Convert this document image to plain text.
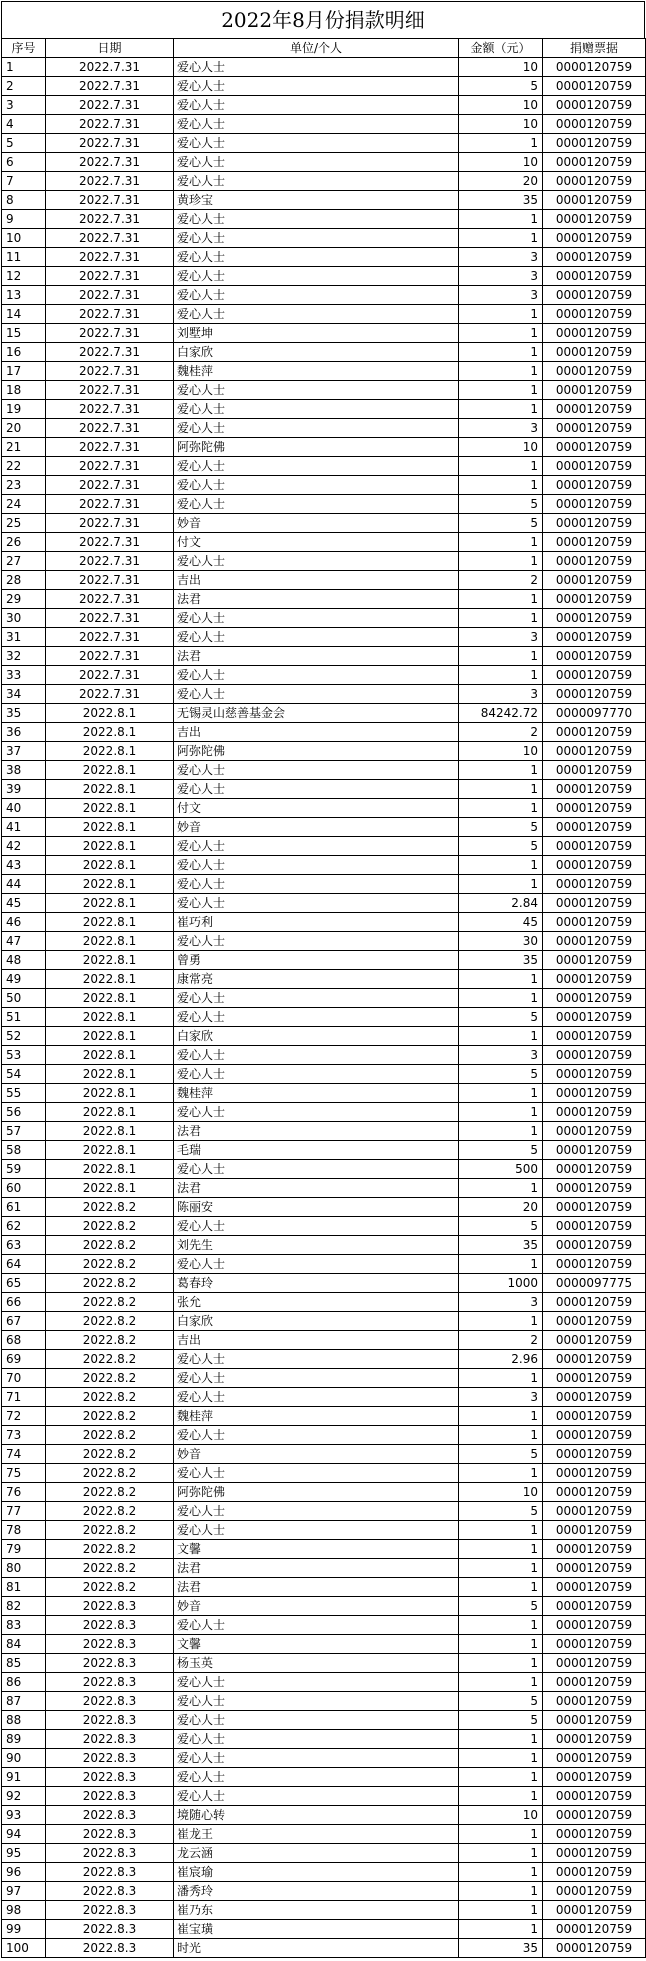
2022年8月份捐款明细
序号	日期	单位/个人	金额（元）	捐赠票据
1	2022.7.31	爱心人士	10	0000120759
2	2022.7.31	爱心人士	5	0000120759
3	2022.7.31	爱心人士	10	0000120759
4	2022.7.31	爱心人士	10	0000120759
5	2022.7.31	爱心人士	1	0000120759
6	2022.7.31	爱心人士	10	0000120759
7	2022.7.31	爱心人士	20	0000120759
8	2022.7.31	黄珍宝	35	0000120759
9	2022.7.31	爱心人士	1	0000120759
10	2022.7.31	爱心人士	1	0000120759
11	2022.7.31	爱心人士	3	0000120759
12	2022.7.31	爱心人士	3	0000120759
13	2022.7.31	爱心人士	3	0000120759
14	2022.7.31	爱心人士	1	0000120759
15	2022.7.31	刘墅坤	1	0000120759
16	2022.7.31	白家欣	1	0000120759
17	2022.7.31	魏桂萍	1	0000120759
18	2022.7.31	爱心人士	1	0000120759
19	2022.7.31	爱心人士	1	0000120759
20	2022.7.31	爱心人士	3	0000120759
21	2022.7.31	阿弥陀佛	10	0000120759
22	2022.7.31	爱心人士	1	0000120759
23	2022.7.31	爱心人士	1	0000120759
24	2022.7.31	爱心人士	5	0000120759
25	2022.7.31	妙音	5	0000120759
26	2022.7.31	付文	1	0000120759
27	2022.7.31	爱心人士	1	0000120759
28	2022.7.31	吉出	2	0000120759
29	2022.7.31	法君	1	0000120759
30	2022.7.31	爱心人士	1	0000120759
31	2022.7.31	爱心人士	3	0000120759
32	2022.7.31	法君	1	0000120759
33	2022.7.31	爱心人士	1	0000120759
34	2022.7.31	爱心人士	3	0000120759
35	2022.8.1	无锡灵山慈善基金会	84242.72	0000097770
36	2022.8.1	吉出	2	0000120759
37	2022.8.1	阿弥陀佛	10	0000120759
38	2022.8.1	爱心人士	1	0000120759
39	2022.8.1	爱心人士	1	0000120759
40	2022.8.1	付文	1	0000120759
41	2022.8.1	妙音	5	0000120759
42	2022.8.1	爱心人士	5	0000120759
43	2022.8.1	爱心人士	1	0000120759
44	2022.8.1	爱心人士	1	0000120759
45	2022.8.1	爱心人士	2.84	0000120759
46	2022.8.1	崔巧利	45	0000120759
47	2022.8.1	爱心人士	30	0000120759
48	2022.8.1	曾勇	35	0000120759
49	2022.8.1	康常亮	1	0000120759
50	2022.8.1	爱心人士	1	0000120759
51	2022.8.1	爱心人士	5	0000120759
52	2022.8.1	白家欣	1	0000120759
53	2022.8.1	爱心人士	3	0000120759
54	2022.8.1	爱心人士	5	0000120759
55	2022.8.1	魏桂萍	1	0000120759
56	2022.8.1	爱心人士	1	0000120759
57	2022.8.1	法君	1	0000120759
58	2022.8.1	毛瑞	5	0000120759
59	2022.8.1	爱心人士	500	0000120759
60	2022.8.1	法君	1	0000120759
61	2022.8.2	陈丽安	20	0000120759
62	2022.8.2	爱心人士	5	0000120759
63	2022.8.2	刘先生	35	0000120759
64	2022.8.2	爱心人士	1	0000120759
65	2022.8.2	葛春玲	1000	0000097775
66	2022.8.2	张允	3	0000120759
67	2022.8.2	白家欣	1	0000120759
68	2022.8.2	吉出	2	0000120759
69	2022.8.2	爱心人士	2.96	0000120759
70	2022.8.2	爱心人士	1	0000120759
71	2022.8.2	爱心人士	3	0000120759
72	2022.8.2	魏桂萍	1	0000120759
73	2022.8.2	爱心人士	1	0000120759
74	2022.8.2	妙音	5	0000120759
75	2022.8.2	爱心人士	1	0000120759
76	2022.8.2	阿弥陀佛	10	0000120759
77	2022.8.2	爱心人士	5	0000120759
78	2022.8.2	爱心人士	1	0000120759
79	2022.8.2	文馨	1	0000120759
80	2022.8.2	法君	1	0000120759
81	2022.8.2	法君	1	0000120759
82	2022.8.3	妙音	5	0000120759
83	2022.8.3	爱心人士	1	0000120759
84	2022.8.3	文馨	1	0000120759
85	2022.8.3	杨玉英	1	0000120759
86	2022.8.3	爱心人士	1	0000120759
87	2022.8.3	爱心人士	5	0000120759
88	2022.8.3	爱心人士	5	0000120759
89	2022.8.3	爱心人士	1	0000120759
90	2022.8.3	爱心人士	1	0000120759
91	2022.8.3	爱心人士	1	0000120759
92	2022.8.3	爱心人士	1	0000120759
93	2022.8.3	境随心转	10	0000120759
94	2022.8.3	崔龙王	1	0000120759
95	2022.8.3	龙云涵	1	0000120759
96	2022.8.3	崔宸瑜	1	0000120759
97	2022.8.3	潘秀玲	1	0000120759
98	2022.8.3	崔乃东	1	0000120759
99	2022.8.3	崔宝璜	1	0000120759
100	2022.8.3	时光	35	0000120759
